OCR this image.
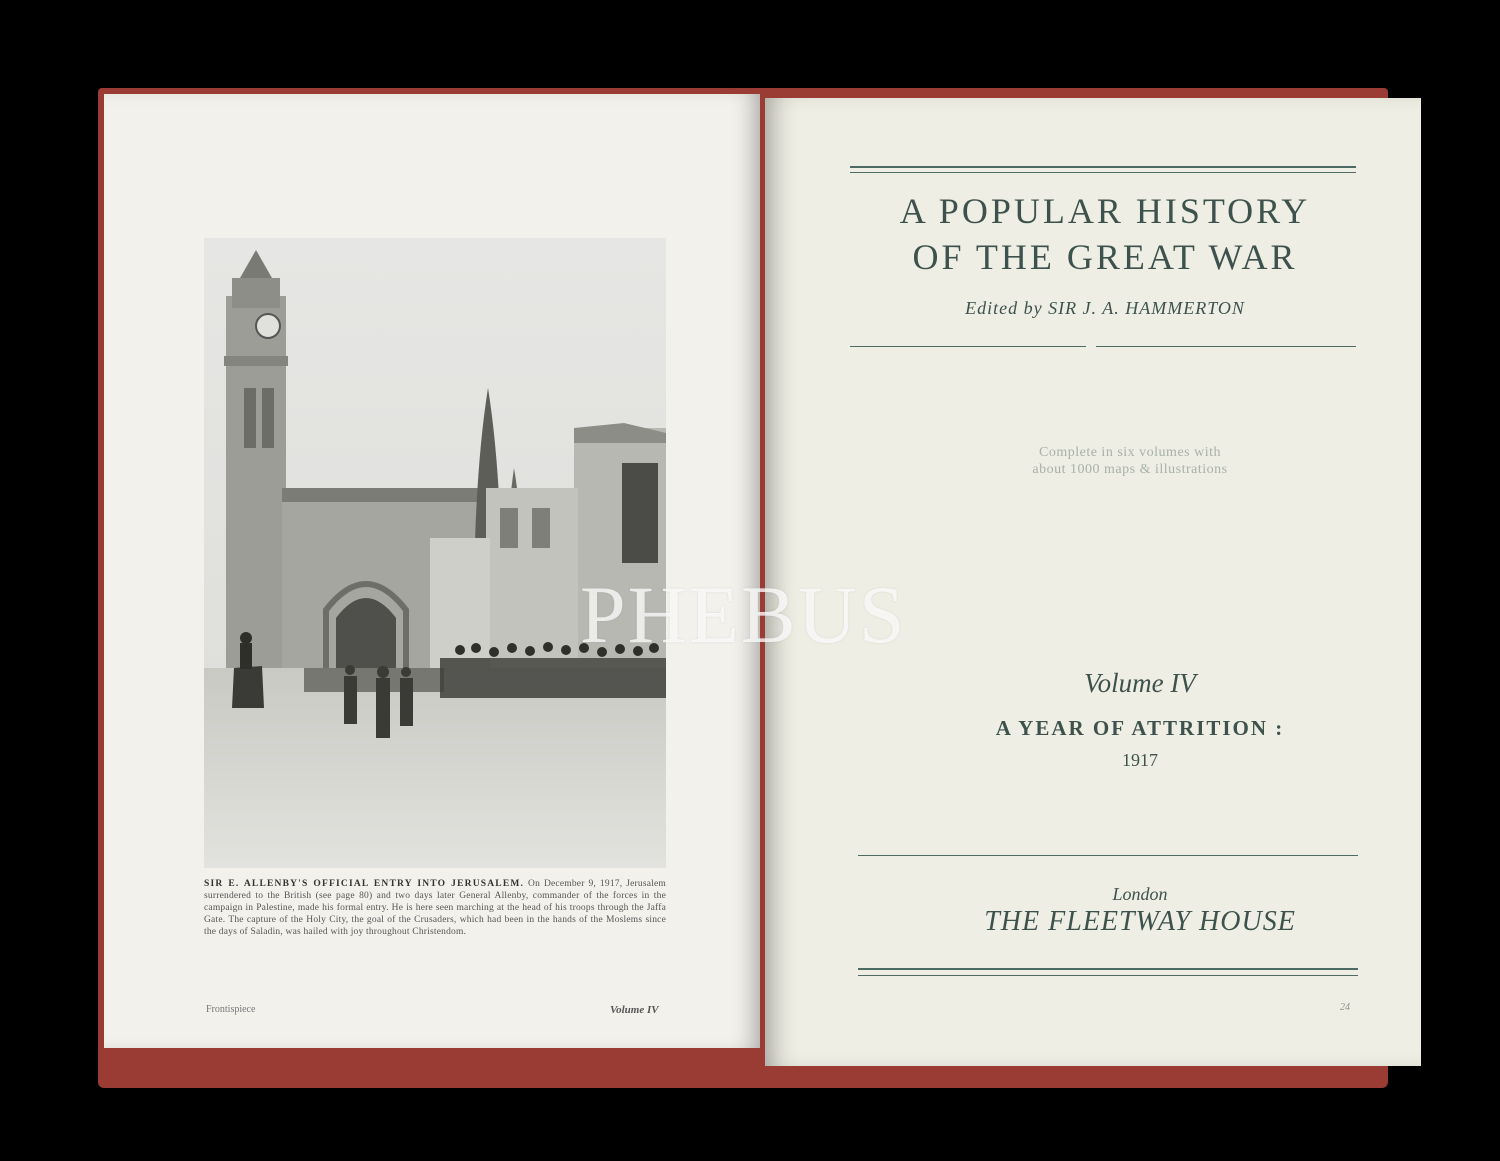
SIR E. ALLENBY'S OFFICIAL ENTRY INTO JERUSALEM. On December 9, 1917, Jerusalem surrendered to the British (see page 80) and two days later General Allenby, commander of the forces in the campaign in Palestine, made his formal entry. He is here seen marching at the head of his troops through the Jaffa Gate. The capture of the Holy City, the goal of the Crusaders, which had been in the hands of the Moslems since the days of Saladin, was hailed with joy throughout Christendom.
Frontispiece	Volume IV
A POPULAR HISTORY
OF THE GREAT WAR
Edited by SIR J. A. HAMMERTON
Complete in six volumes with
about 1000 maps & illustrations
PHEBUS
Volume IV
A YEAR OF ATTRITION :
1917
London
THE FLEETWAY HOUSE
24
